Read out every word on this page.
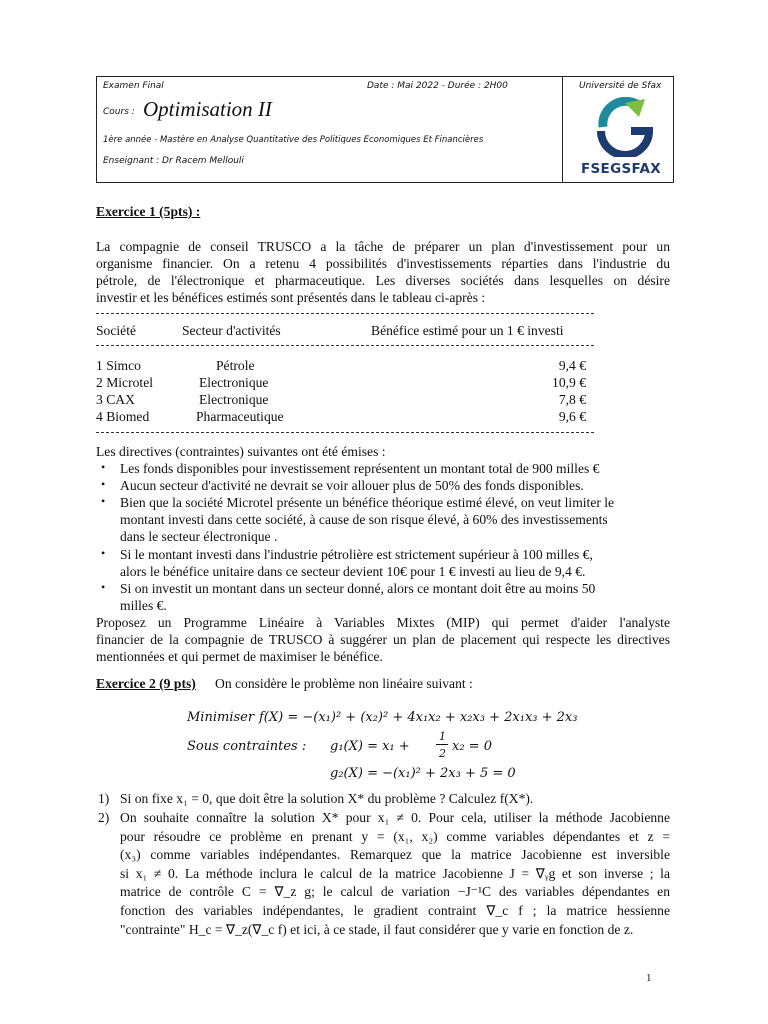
Examen Final	Date : Mai 2022 - Durée : 2H00
Cours : Optimisation II
1ère année - Mastère en Analyse Quantitative des Politiques Economiques Et Financières
Enseignant : Dr Racem Mellouli
Université de Sfax
FSEGSFAX
Exercice 1 (5pts) :
La compagnie de conseil TRUSCO a la tâche de préparer un plan d'investissement pour un
organisme financier. On a retenu 4 possibilités d'investissements réparties dans l'industrie du
pétrole, de l'électronique et pharmaceutique. Les diverses sociétés dans lesquelles on désire
investir et les bénéfices estimés sont présentés dans le tableau ci-après :
Société	Secteur d'activités	Bénéfice estimé pour un 1 € investi
1 Simco	Pétrole	9,4 €
2 Microtel	Electronique	10,9 €
3 CAX	Electronique	7,8 €
4 Biomed	Pharmaceutique	9,6 €
Les directives (contraintes) suivantes ont été émises :
• Les fonds disponibles pour investissement représentent un montant total de 900 milles €
• Aucun secteur d'activité ne devrait se voir allouer plus de 50% des fonds disponibles.
• Bien que la société Microtel présente un bénéfice théorique estimé élevé, on veut limiter le
montant investi dans cette société, à cause de son risque élevé, à 60% des investissements
dans le secteur électronique .
• Si le montant investi dans l'industrie pétrolière est strictement supérieur à 100 milles €,
alors le bénéfice unitaire dans ce secteur devient 10€ pour 1 € investi au lieu de 9,4 €.
• Si on investit un montant dans un secteur donné, alors ce montant doit être au moins 50
milles €.
Proposez un Programme Linéaire à Variables Mixtes (MIP) qui permet d'aider l'analyste
financier de la compagnie de TRUSCO à suggérer un plan de placement qui respecte les directives
mentionnées et qui permet de maximiser le bénéfice.
Exercice 2 (9 pts) On considère le problème non linéaire suivant :
Minimiser f(X) = −(x₁)² + (x₂)² + 4x₁x₂ + x₂x₃ + 2x₁x₃ + 2x₃
Sous contraintes : g₁(X) = x₁ +
1
2 x₂ = 0
g₂(X) = −(x₁)² + 2x₃ + 5 = 0
1) Si on fixe x₁ = 0, que doit être la solution X* du problème ? Calculez f(X*).
2) On souhaite connaître la solution X* pour x₁ ≠ 0. Pour cela, utiliser la méthode Jacobienne
pour résoudre ce problème en prenant y = (x₁, x₂) comme variables dépendantes et z =
(x₃) comme variables indépendantes. Remarquez que la matrice Jacobienne est inversible
si x₁ ≠ 0. La méthode inclura le calcul de la matrice Jacobienne J = ∇ᵧg et son inverse ; la
matrice de contrôle C = ∇_z g; le calcul de variation −J⁻¹C des variables dépendantes en
fonction des variables indépendantes, le gradient contraint ∇_c f ; la matrice hessienne
"contrainte" H_c = ∇_z(∇_c f) et ici, à ce stade, il faut considérer que y varie en fonction de z.
1
